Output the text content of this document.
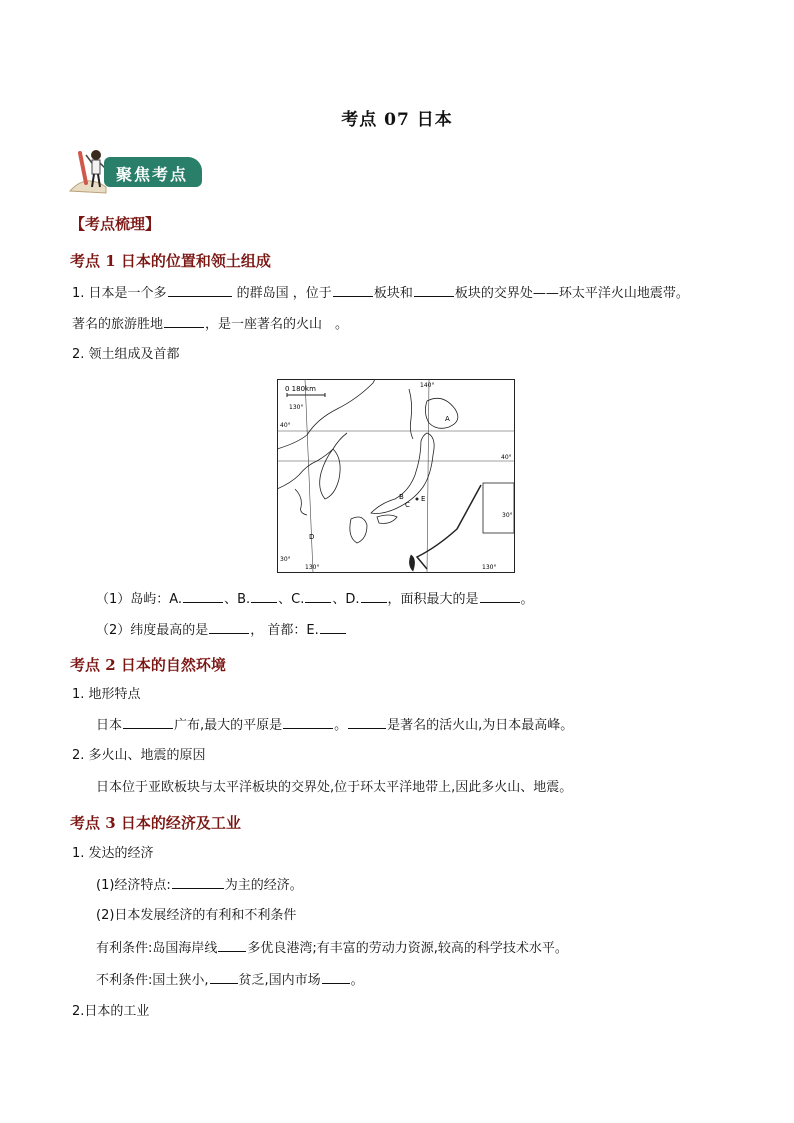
考点 07 日本
聚焦考点
【考点梳理】
考点 1 日本的位置和领土组成
1. 日本是一个多	的群岛国 ，位于	板块和	板块的交界处——环太平洋火山地震带。
著名的旅游胜地	，是一座著名的火山　。
2. 领土组成及首都
0 180km	140°
130°
40°
40°
30°
30°
130°	130°
A
B
C
D
E
（1）岛屿：A.	、B. 、C. 、D. ，面积最大的是	。
（2）纬度最高的是	， 首都：E.
考点 2 日本的自然环境
1. 地形特点
日本	广布,最大的平原是	。	是著名的活火山,为日本最高峰。
2. 多火山、地震的原因
日本位于亚欧板块与太平洋板块的交界处,位于环太平洋地带上,因此多火山、地震。
考点 3 日本的经济及工业
1. 发达的经济
(1)经济特点:	为主的经济。
(2)日本发展经济的有利和不利条件
有利条件:岛国海岸线 多优良港湾;有丰富的劳动力资源,较高的科学技术水平。
不利条件:国土狭小, 贫乏,国内市场 。
2.日本的工业
